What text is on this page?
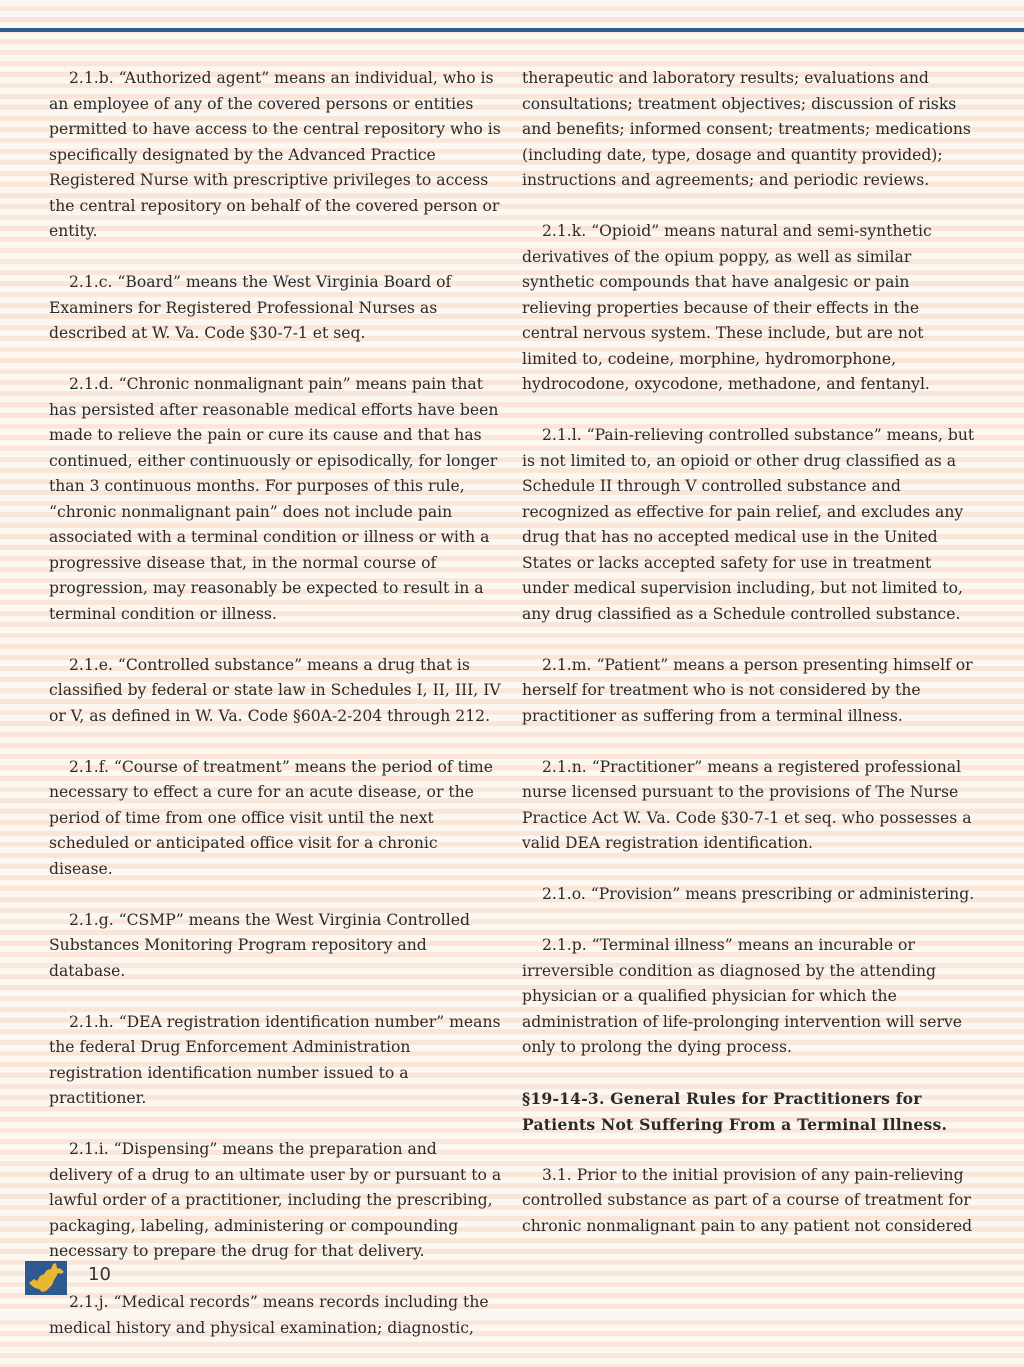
2.1.b. “Authorized agent” means an individual, who is an employee of any of the covered persons or entities permitted to have access to the central repository who is specifically designated by the Advanced Practice Registered Nurse with prescriptive privileges to access the central repository on behalf of the covered person or entity.

2.1.c. “Board” means the West Virginia Board of Examiners for Registered Professional Nurses as described at W. Va. Code §30-7-1 et seq.

2.1.d. “Chronic nonmalignant pain” means pain that has persisted after reasonable medical efforts have been made to relieve the pain or cure its cause and that has continued, either continuously or episodically, for longer than 3 continuous months. For purposes of this rule, “chronic nonmalignant pain” does not include pain associated with a terminal condition or illness or with a progressive disease that, in the normal course of progression, may reasonably be expected to result in a terminal condition or illness.

2.1.e. “Controlled substance” means a drug that is classified by federal or state law in Schedules I, II, III, IV or V, as defined in W. Va. Code §60A-2-204 through 212.

2.1.f. “Course of treatment” means the period of time necessary to effect a cure for an acute disease, or the period of time from one office visit until the next scheduled or anticipated office visit for a chronic disease.

2.1.g. “CSMP” means the West Virginia Controlled Substances Monitoring Program repository and database.

2.1.h. “DEA registration identification number” means the federal Drug Enforcement Administration registration identification number issued to a practitioner.

2.1.i. “Dispensing” means the preparation and delivery of a drug to an ultimate user by or pursuant to a lawful order of a practitioner, including the prescribing, packaging, labeling, administering or compounding necessary to prepare the drug for that delivery.

2.1.j. “Medical records” means records including the medical history and physical examination; diagnostic,

therapeutic and laboratory results; evaluations and consultations; treatment objectives; discussion of risks and benefits; informed consent; treatments; medications (including date, type, dosage and quantity provided); instructions and agreements; and periodic reviews.

2.1.k. “Opioid” means natural and semi-synthetic derivatives of the opium poppy, as well as similar synthetic compounds that have analgesic or pain relieving properties because of their effects in the central nervous system. These include, but are not limited to, codeine, morphine, hydromorphone, hydrocodone, oxycodone, methadone, and fentanyl.

2.1.l. “Pain-relieving controlled substance” means, but is not limited to, an opioid or other drug classified as a Schedule II through V controlled substance and recognized as effective for pain relief, and excludes any drug that has no accepted medical use in the United States or lacks accepted safety for use in treatment under medical supervision including, but not limited to, any drug classified as a Schedule controlled substance.

2.1.m. “Patient” means a person presenting himself or herself for treatment who is not considered by the practitioner as suffering from a terminal illness.

2.1.n. “Practitioner” means a registered professional nurse licensed pursuant to the provisions of The Nurse Practice Act W. Va. Code §30-7-1 et seq. who possesses a valid DEA registration identification.

2.1.o. “Provision” means prescribing or administering.

2.1.p. “Terminal illness” means an incurable or irreversible condition as diagnosed by the attending physician or a qualified physician for which the administration of life-prolonging intervention will serve only to prolong the dying process.

§19-14-3. General Rules for Practitioners for Patients Not Suffering From a Terminal Illness.

3.1. Prior to the initial provision of any pain-relieving controlled substance as part of a course of treatment for chronic nonmalignant pain to any patient not considered

10
